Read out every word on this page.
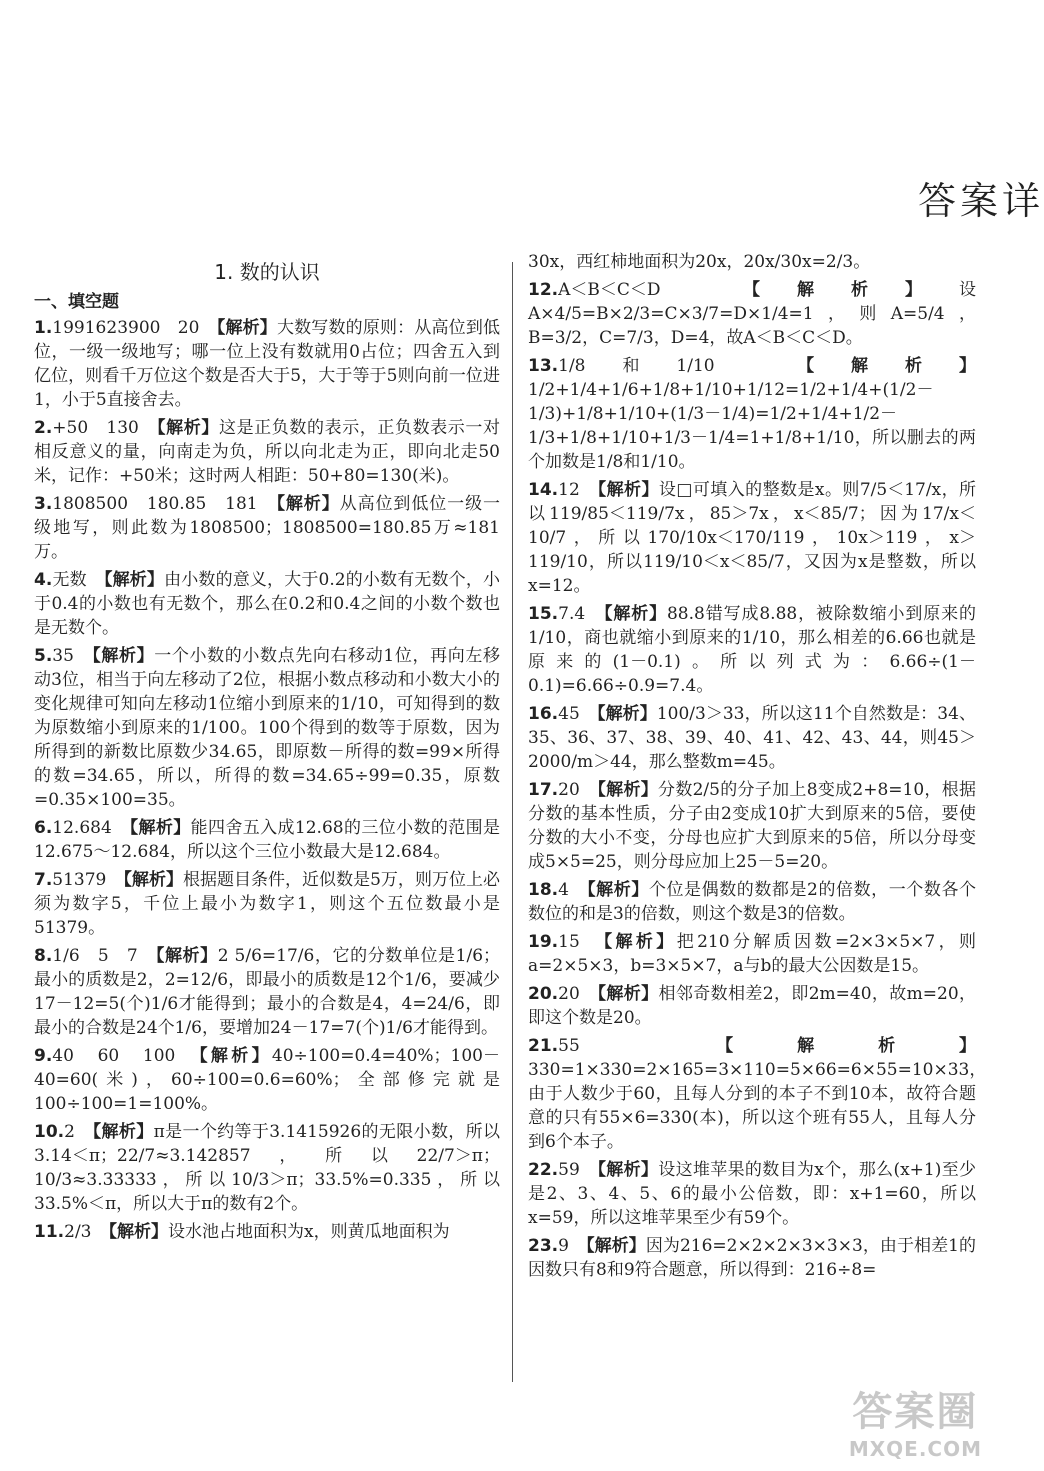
答案详
1. 数的认识
一、填空题
1.1991623900　20　 【解析】大数写数的原则：从高位到低位，一级一级地写；哪一位上没有数就用0占位；四舍五入到亿位，则看千万位这个数是否大于5，大于等于5则向前一位进1，小于5直接舍去。
2.+50　130　 【解析】这是正负数的表示，正负数表示一对相反意义的量，向南走为负，所以向北走为正，即向北走50米，记作：+50米；这时两人相距：50+80=130(米)。
3.1808500　180.85　181　 【解析】从高位到低位一级一级地写，则此数为1808500；1808500=180.85万≈181万。
4.无数　 【解析】由小数的意义，大于0.2的小数有无数个，小于0.4的小数也有无数个，那么在0.2和0.4之间的小数个数也是无数个。
5.35　 【解析】一个小数的小数点先向右移动1位，再向左移动3位，相当于向左移动了2位，根据小数点移动和小数大小的变化规律可知向左移动1位缩小到原来的1/10，可知得到的数为原数缩小到原来的1/100。100个得到的数等于原数，因为所得到的新数比原数少34.65，即原数－所得的数=99×所得的数=34.65，所以，所得的数=34.65÷99=0.35，原数=0.35×100=35。
6.12.684　 【解析】能四舍五入成12.68的三位小数的范围是12.675～12.684，所以这个三位小数最大是12.684。
7.51379　 【解析】根据题目条件，近似数是5万，则万位上必须为数字5，千位上最小为数字1，则这个五位数最小是51379。
8.1/6　5　7　 【解析】2 5/6=17/6，它的分数单位是1/6；最小的质数是2，2=12/6，即最小的质数是12个1/6，要减少17－12=5(个)1/6才能得到；最小的合数是4，4=24/6，即最小的合数是24个1/6，要增加24－17=7(个)1/6才能得到。
9.40　60　100　 【解析】40÷100=0.4=40%；100－40=60(米)，60÷100=0.6=60%；全部修完就是100÷100=1=100%。
10.2　 【解析】π是一个约等于3.1415926的无限小数，所以3.14＜π；22/7≈3.142857，所以22/7＞π；10/3≈3.33333，所以10/3＞π；33.5%=0.335，所以33.5%＜π，所以大于π的数有2个。
11.2/3　 【解析】设水池占地面积为x，则黄瓜地面积为
30x，西红柿地面积为20x，20x/30x=2/3。
12.A＜B＜C＜D　	【解析】设A×4/5=B×2/3=C×3/7=D×1/4=1，则A=5/4，B=3/2，C=7/3，D=4，故A＜B＜C＜D。
13.1/8和1/10　	【解析】1/2+1/4+1/6+1/8+1/10+1/12=1/2+1/4+(1/2－1/3)+1/8+1/10+(1/3－1/4)=1/2+1/4+1/2－1/3+1/8+1/10+1/3－1/4=1+1/8+1/10，所以删去的两个加数是1/8和1/10。
14.12　 【解析】设□可填入的整数是x。则7/5＜17/x，所以119/85＜119/7x，85＞7x，x＜85/7；因为17/x＜10/7，所以170/10x＜170/119，10x＞119，x＞119/10，所以119/10＜x＜85/7，又因为x是整数，所以x=12。
15.7.4　 【解析】88.8错写成8.88，被除数缩小到原来的1/10，商也就缩小到原来的1/10，那么相差的6.66也就是原来的(1－0.1)。所以列式为：6.66÷(1－0.1)=6.66÷0.9=7.4。
16.45　 【解析】100/3＞33，所以这11个自然数是：34、35、36、37、38、39、40、41、42、43、44，则45＞2000/m＞44，那么整数m=45。
17.20　 【解析】分数2/5的分子加上8变成2+8=10，根据分数的基本性质，分子由2变成10扩大到原来的5倍，要使分数的大小不变，分母也应扩大到原来的5倍，所以分母变成5×5=25，则分母应加上25－5=20。
18.4　 【解析】个位是偶数的数都是2的倍数，一个数各个数位的和是3的倍数，则这个数是3的倍数。
19.15　 【解析】把210分解质因数=2×3×5×7，则a=2×5×3，b=3×5×7，a与b的最大公因数是15。
20.20　 【解析】相邻奇数相差2，即2m=40，故m=20，即这个数是20。
21.55　	【解析】330=1×330=2×165=3×110=5×66=6×55=10×33，由于人数少于60，且每人分到的本子不到10本，故符合题意的只有55×6=330(本)，所以这个班有55人，且每人分到6个本子。
22.59　 【解析】设这堆苹果的数目为x个，那么(x+1)至少是2、3、4、5、6的最小公倍数，即：x+1=60，所以x=59，所以这堆苹果至少有59个。
23.9　 【解析】因为216=2×2×2×3×3×3，由于相差1的因数只有8和9符合题意，所以得到：216÷8=
答案圈
MXQE.COM
